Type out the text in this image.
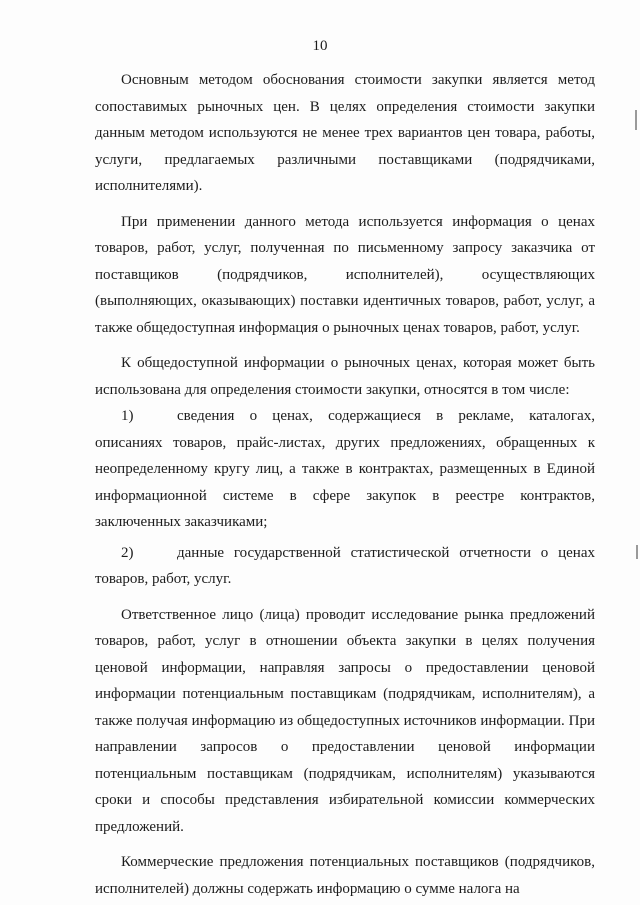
10

Основным методом обоснования стоимости закупки является метод сопоставимых рыночных цен. В целях определения стоимости закупки данным методом используются не менее трех вариантов цен товара, работы, услуги, предлагаемых различными поставщиками (подрядчиками, исполнителями).

При применении данного метода используется информация о ценах товаров, работ, услуг, полученная по письменному запросу заказчика от поставщиков (подрядчиков, исполнителей), осуществляющих (выполняющих, оказывающих) поставки идентичных товаров, работ, услуг, а также общедоступная информация о рыночных ценах товаров, работ, услуг.

К общедоступной информации о рыночных ценах, которая может быть использована для определения стоимости закупки, относятся в том числе:

1)	сведения о ценах, содержащиеся в рекламе, каталогах, описаниях товаров, прайс-листах, других предложениях, обращенных к неопределенному кругу лиц, а также в контрактах, размещенных в Единой информационной системе в сфере закупок в реестре контрактов, заключенных заказчиками;

2)	данные государственной статистической отчетности о ценах товаров, работ, услуг.

Ответственное лицо (лица) проводит исследование рынка предложений товаров, работ, услуг в отношении объекта закупки в целях получения ценовой информации, направляя запросы о предоставлении ценовой информации потенциальным поставщикам (подрядчикам, исполнителям), а также получая информацию из общедоступных источников информации. При направлении запросов о предоставлении ценовой информации потенциальным поставщикам (подрядчикам, исполнителям) указываются сроки и способы представления избирательной комиссии коммерческих предложений.

Коммерческие предложения потенциальных поставщиков (подрядчиков, исполнителей) должны содержать информацию о сумме налога на
